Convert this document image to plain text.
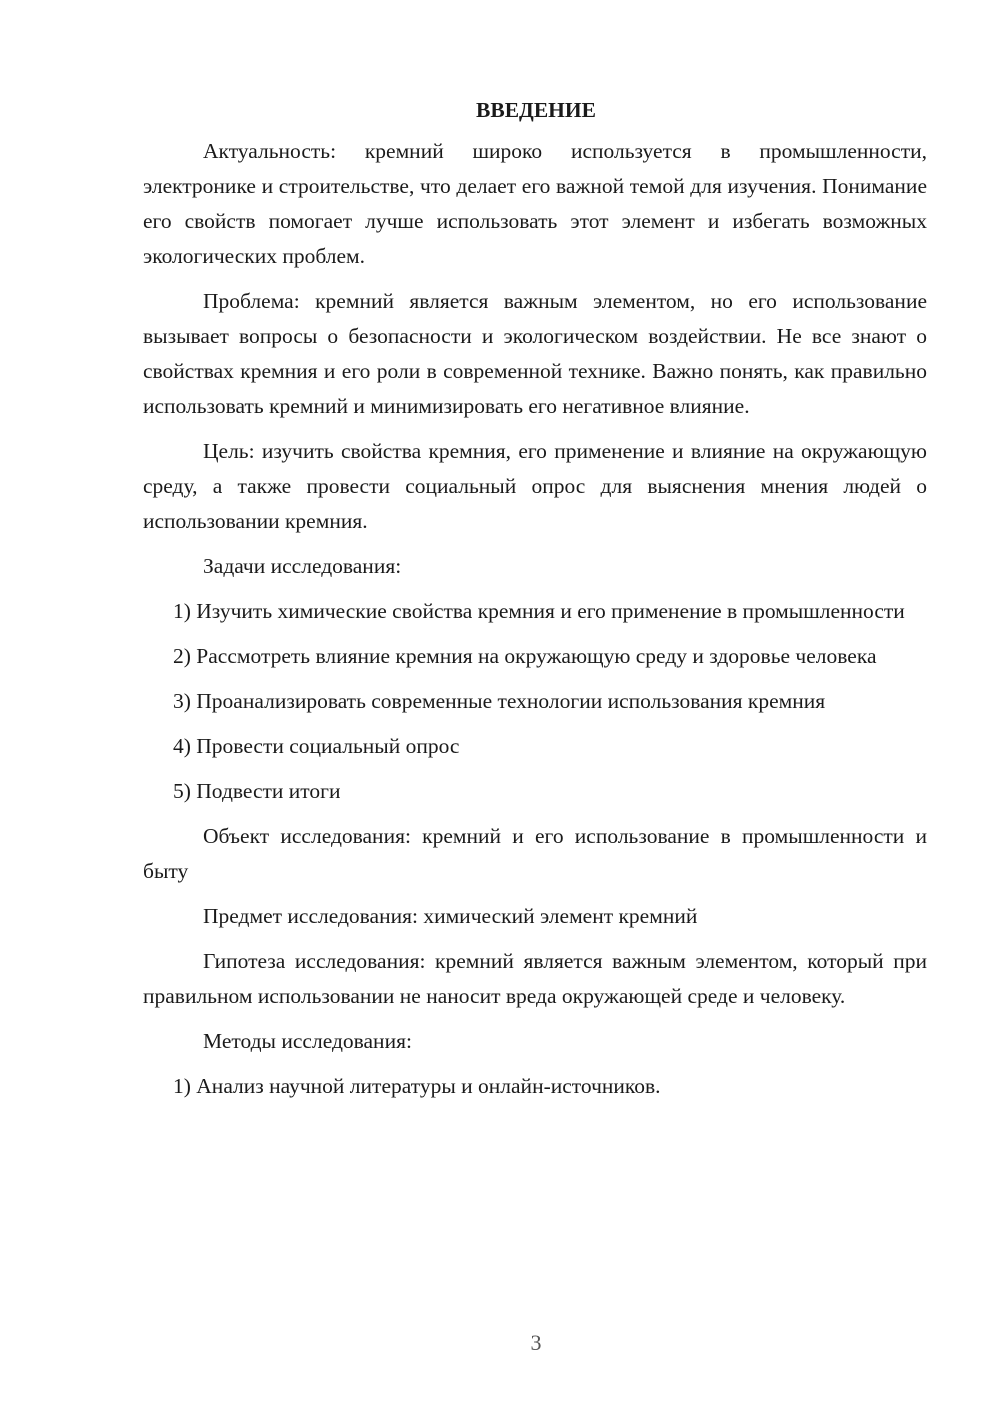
ВВЕДЕНИЕ

Актуальность: кремний широко используется в промышленности, электронике и строительстве, что делает его важной темой для изучения. Понимание его свойств помогает лучше использовать этот элемент и избегать возможных экологических проблем.

Проблема: кремний является важным элементом, но его использование вызывает вопросы о безопасности и экологическом воздействии. Не все знают о свойствах кремния и его роли в современной технике. Важно понять, как правильно использовать кремний и минимизировать его негативное влияние.

Цель: изучить свойства кремния, его применение и влияние на окружающую среду, а также провести социальный опрос для выяснения мнения людей о использовании кремния.

Задачи исследования:

1) Изучить химические свойства кремния и его применение в промышленности

2) Рассмотреть влияние кремния на окружающую среду и здоровье человека

3) Проанализировать современные технологии использования кремния

4) Провести социальный опрос

5) Подвести итоги

Объект исследования: кремний и его использование в промышленности и быту

Предмет исследования: химический элемент кремний

Гипотеза исследования: кремний является важным элементом, который при правильном использовании не наносит вреда окружающей среде и человеку.

Методы исследования:

1) Анализ научной литературы и онлайн-источников.

3
